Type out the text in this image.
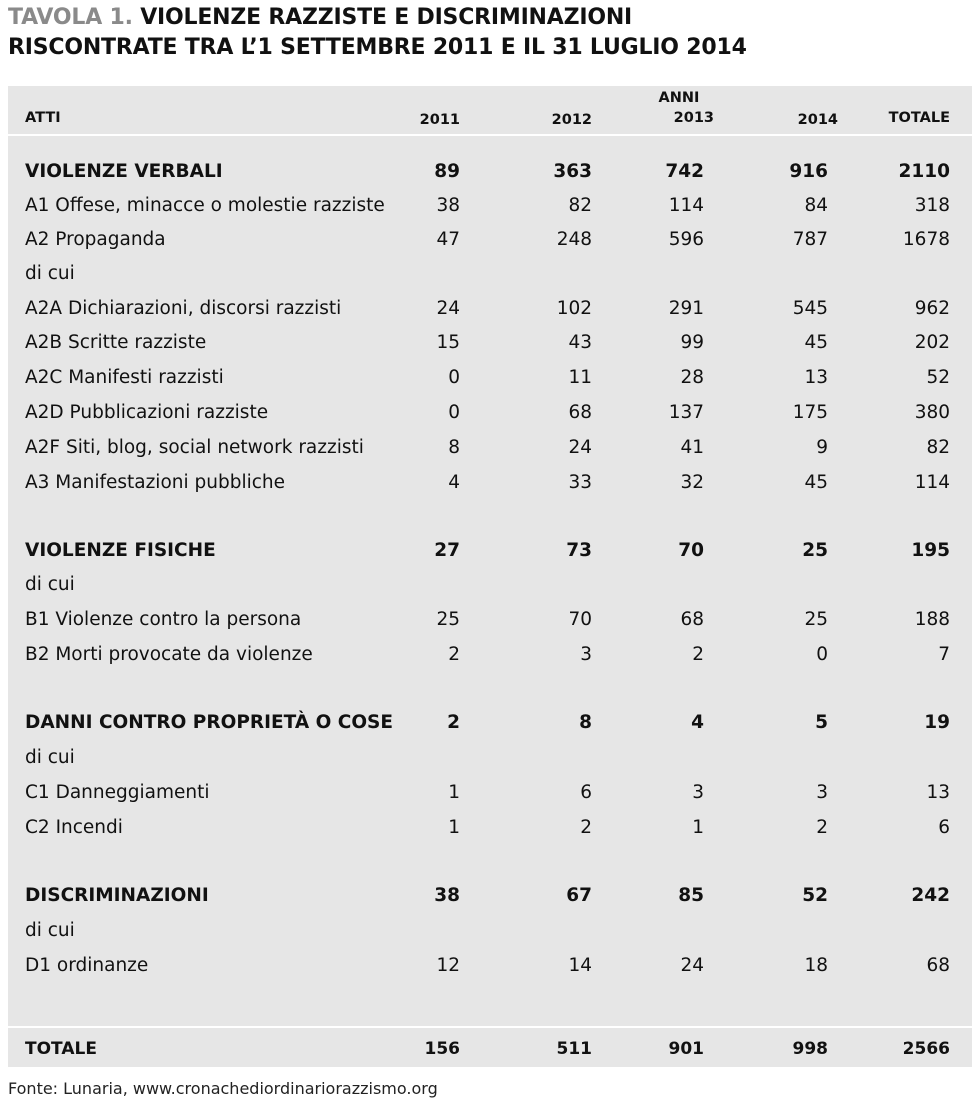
TAVOLA 1. VIOLENZE RAZZISTE E DISCRIMINAZIONI
RISCONTRATE TRA L’1 SETTEMBRE 2011 E IL 31 LUGLIO 2014
ANNI
ATTI	2011	2012	2013	2014	TOTALE
VIOLENZE VERBALI	89	363	742	916	2110
A1 Offese, minacce o molestie razziste	38	82	114	84	318
A2 Propaganda	47	248	596	787	1678
di cui
A2A Dichiarazioni, discorsi razzisti	24	102	291	545	962
A2B Scritte razziste	15	43	99	45	202
A2C Manifesti razzisti	0	11	28	13	52
A2D Pubblicazioni razziste	0	68	137	175	380
A2F Siti, blog, social network razzisti	8	24	41	9	82
A3 Manifestazioni pubbliche	4	33	32	45	114
VIOLENZE FISICHE	27	73	70	25	195
di cui
B1 Violenze contro la persona	25	70	68	25	188
B2 Morti provocate da violenze	2	3	2	0	7
DANNI CONTRO PROPRIETÀ O COSE	2	8	4	5	19
di cui
C1 Danneggiamenti	1	6	3	3	13
C2 Incendi	1	2	1	2	6
DISCRIMINAZIONI	38	67	85	52	242
di cui
D1 ordinanze	12	14	24	18	68
TOTALE	156	511	901	998	2566
Fonte: Lunaria, www.cronachediordinariorazzismo.org
